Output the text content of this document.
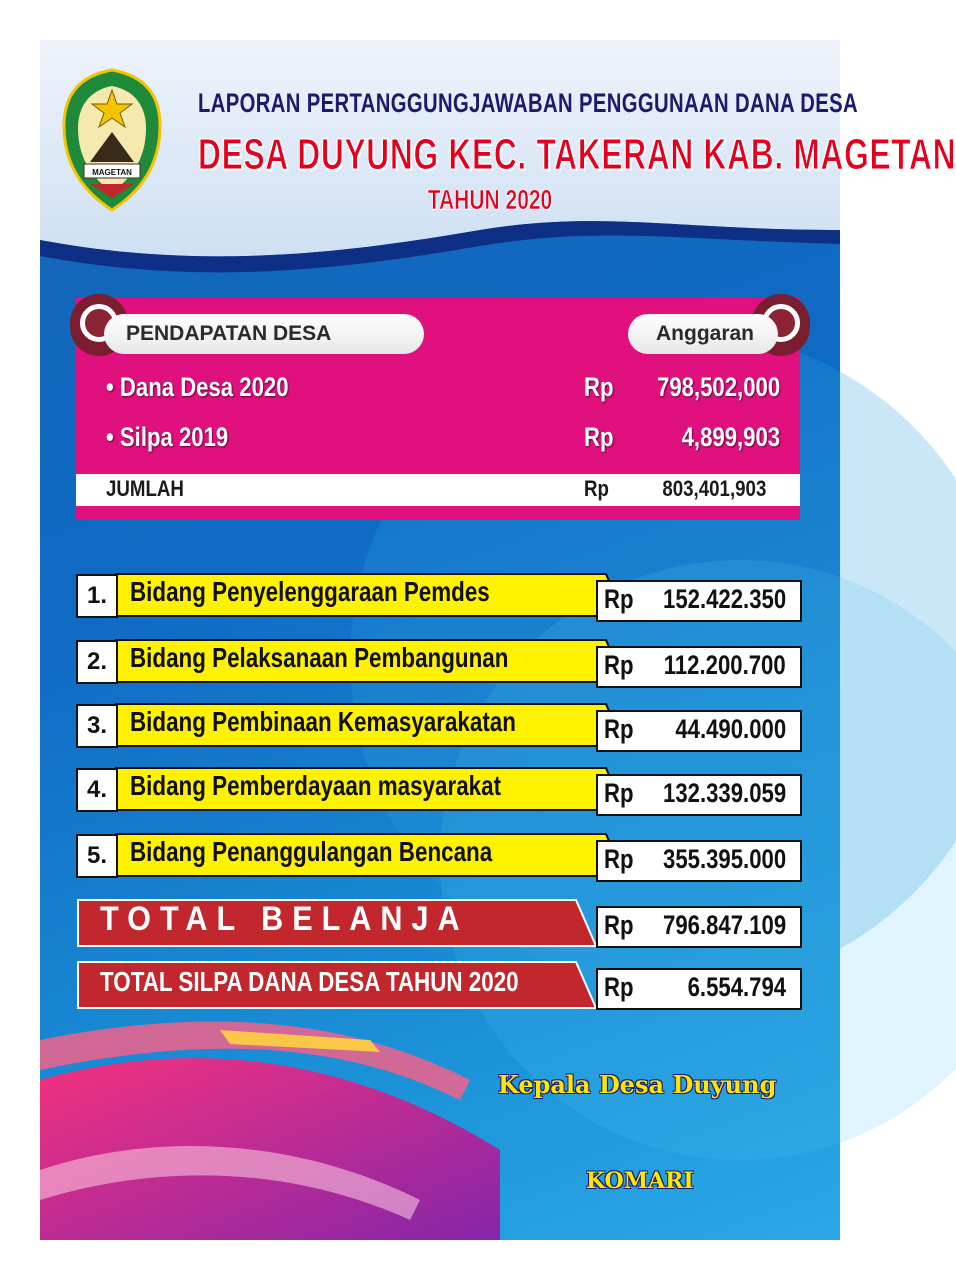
MAGETAN
LAPORAN PERTANGGUNGJAWABAN PENGGUNAAN DANA DESA
DESA DUYUNG KEC. TAKERAN KAB. MAGETAN
TAHUN 2020
PENDAPATAN DESA	Anggaran
• Dana Desa 2020	Rp 798,502,000
• Silpa 2019	Rp	4,899,903
JUMLAH	Rp 803,401,903
1. Bidang Penyelenggaraan Pemdes	Rp 152.422.350
2. Bidang Pelaksanaan Pembangunan	Rp 112.200.700
3. Bidang Pembinaan Kemasyarakatan	Rp 44.490.000
4. Bidang Pemberdayaan masyarakat	Rp 132.339.059
5. Bidang Penanggulangan Bencana	Rp 355.395.000
TOTAL BELANJA	Rp 796.847.109
TOTAL SILPA DANA DESA TAHUN 2020	Rp 6.554.794
Kepala Desa Duyung
KOMARI
